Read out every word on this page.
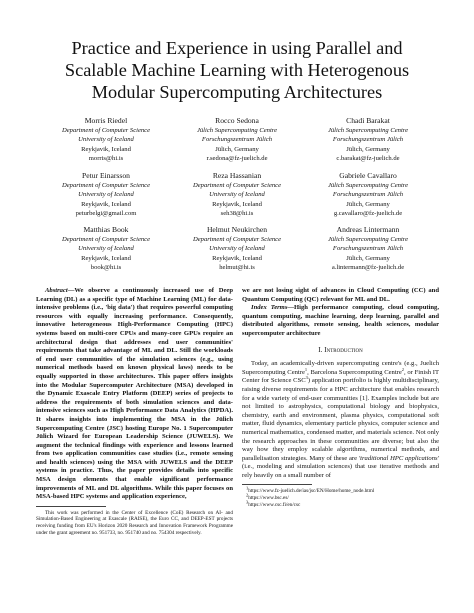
Practice and Experience in using Parallel and
Scalable Machine Learning with Heterogenous
Modular Supercomputing Architectures
Morris Riedel
Department of Computer Science
University of Iceland
Reykjavik, Iceland
morris@hi.is
Rocco Sedona
Jülich Supercomputing Centre
Forschungszentrum Jülich
Jülich, Germany
r.sedona@fz-juelich.de
Chadi Barakat
Jülich Supercomputing Centre
Forschungszentrum Jülich
Jülich, Germany
c.barakat@fz-juelich.de
Petur Einarsson
Department of Computer Science
University of Iceland
Reykjavik, Iceland
peturbelgi@gmail.com
Reza Hassanian
Department of Computer Science
University of Iceland
Reykjavik, Iceland
seh38@hi.is
Gabriele Cavallaro
Jülich Supercomputing Centre
Forschungszentrum Jülich
Jülich, Germany
g.cavallaro@fz-juelich.de
Matthias Book
Department of Computer Science
University of Iceland
Reykjavik, Iceland
book@hi.is
Helmut Neukirchen
Department of Computer Science
University of Iceland
Reykjavik, Iceland
helmut@hi.is
Andreas Lintermann
Jülich Supercomputing Centre
Forschungszentrum Jülich
Jülich, Germany
a.lintermann@fz-juelich.de
Abstract—We observe a continuously increased use of Deep Learning (DL) as a specific type of Machine Learning (ML) for data-intensive problems (i.e., 'big data') that requires powerful computing resources with equally increasing performance. Consequently, innovative heterogeneous High-Performance Computing (HPC) systems based on multi-core CPUs and many-core GPUs require an architectural design that addresses end user communities' requirements that take advantage of ML and DL. Still the workloads of end user communities of the simulation sciences (e.g., using numerical methods based on known physical laws) needs to be equally supported in those architectures. This paper offers insights into the Modular Supercomputer Architecture (MSA) developed in the Dynamic Exascale Entry Platform (DEEP) series of projects to address the requirements of both simulation sciences and data-intensive sciences such as High Performance Data Analytics (HPDA). It shares insights into implementing the MSA in the Jülich Supercomputing Centre (JSC) hosting Europe No. 1 Supercomputer Jülich Wizard for European Leadership Science (JUWELS). We augment the technical findings with experience and lessons learned from two application communities case studies (i.e., remote sensing and health sciences) using the MSA with JUWELS and the DEEP systems in practice. Thus, the paper provides details into specific MSA design elements that enable significant performance improvements of ML and DL algorithms. While this paper focuses on MSA-based HPC systems and application experience,
This work was performed in the Center of Excellence (CoE) Research on AI- and Simulation-Based Engineering at Exascale (RAISE), the Euro CC, and DEEP-EST projects receiving funding from EU's Horizon 2020 Research and Innovation Framework Programme under the grant agreement no. 951733, no. 951740 and no. 754304 respectively.
we are not losing sight of advances in Cloud Computing (CC) and Quantum Computing (QC) relevant for ML and DL.
Index Terms—High performance computing, cloud computing, quantum computing, machine learning, deep learning, parallel and distributed algorithms, remote sensing, health sciences, modular supercomputer architecture
I. Introduction
Today, an academically-driven supercomputing centre's (e.g., Juelich Supercomputing Centre$^1$, Barcelona Supercomputing Centre$^2$, or Finish IT Center for Science CSC$^3$) application portfolio is highly multidisciplinary, raising diverse requirements for a HPC architecture that enables research for a wide variety of end-user communities [1]. Examples include but are not limited to astrophysics, computational biology and biophysics, chemistry, earth and environment, plasma physics, computational soft matter, fluid dynamics, elementary particle physics, computer science and numerical mathematics, condensed matter, and materials science. Not only the research approaches in these communities are diverse; but also the way how they employ scalable algorithms, numerical methods, and parallelisation strategies. Many of these are 'traditional HPC applications' (i.e., modeling and simulation sciences) that use iterative methods and rely heavily on a small number of
$^1$https://www.fz-juelich.de/ias/jsc/EN/Home/home_node.html
$^2$https://www.bsc.es/
$^3$https://www.csc.fi/en/csc
